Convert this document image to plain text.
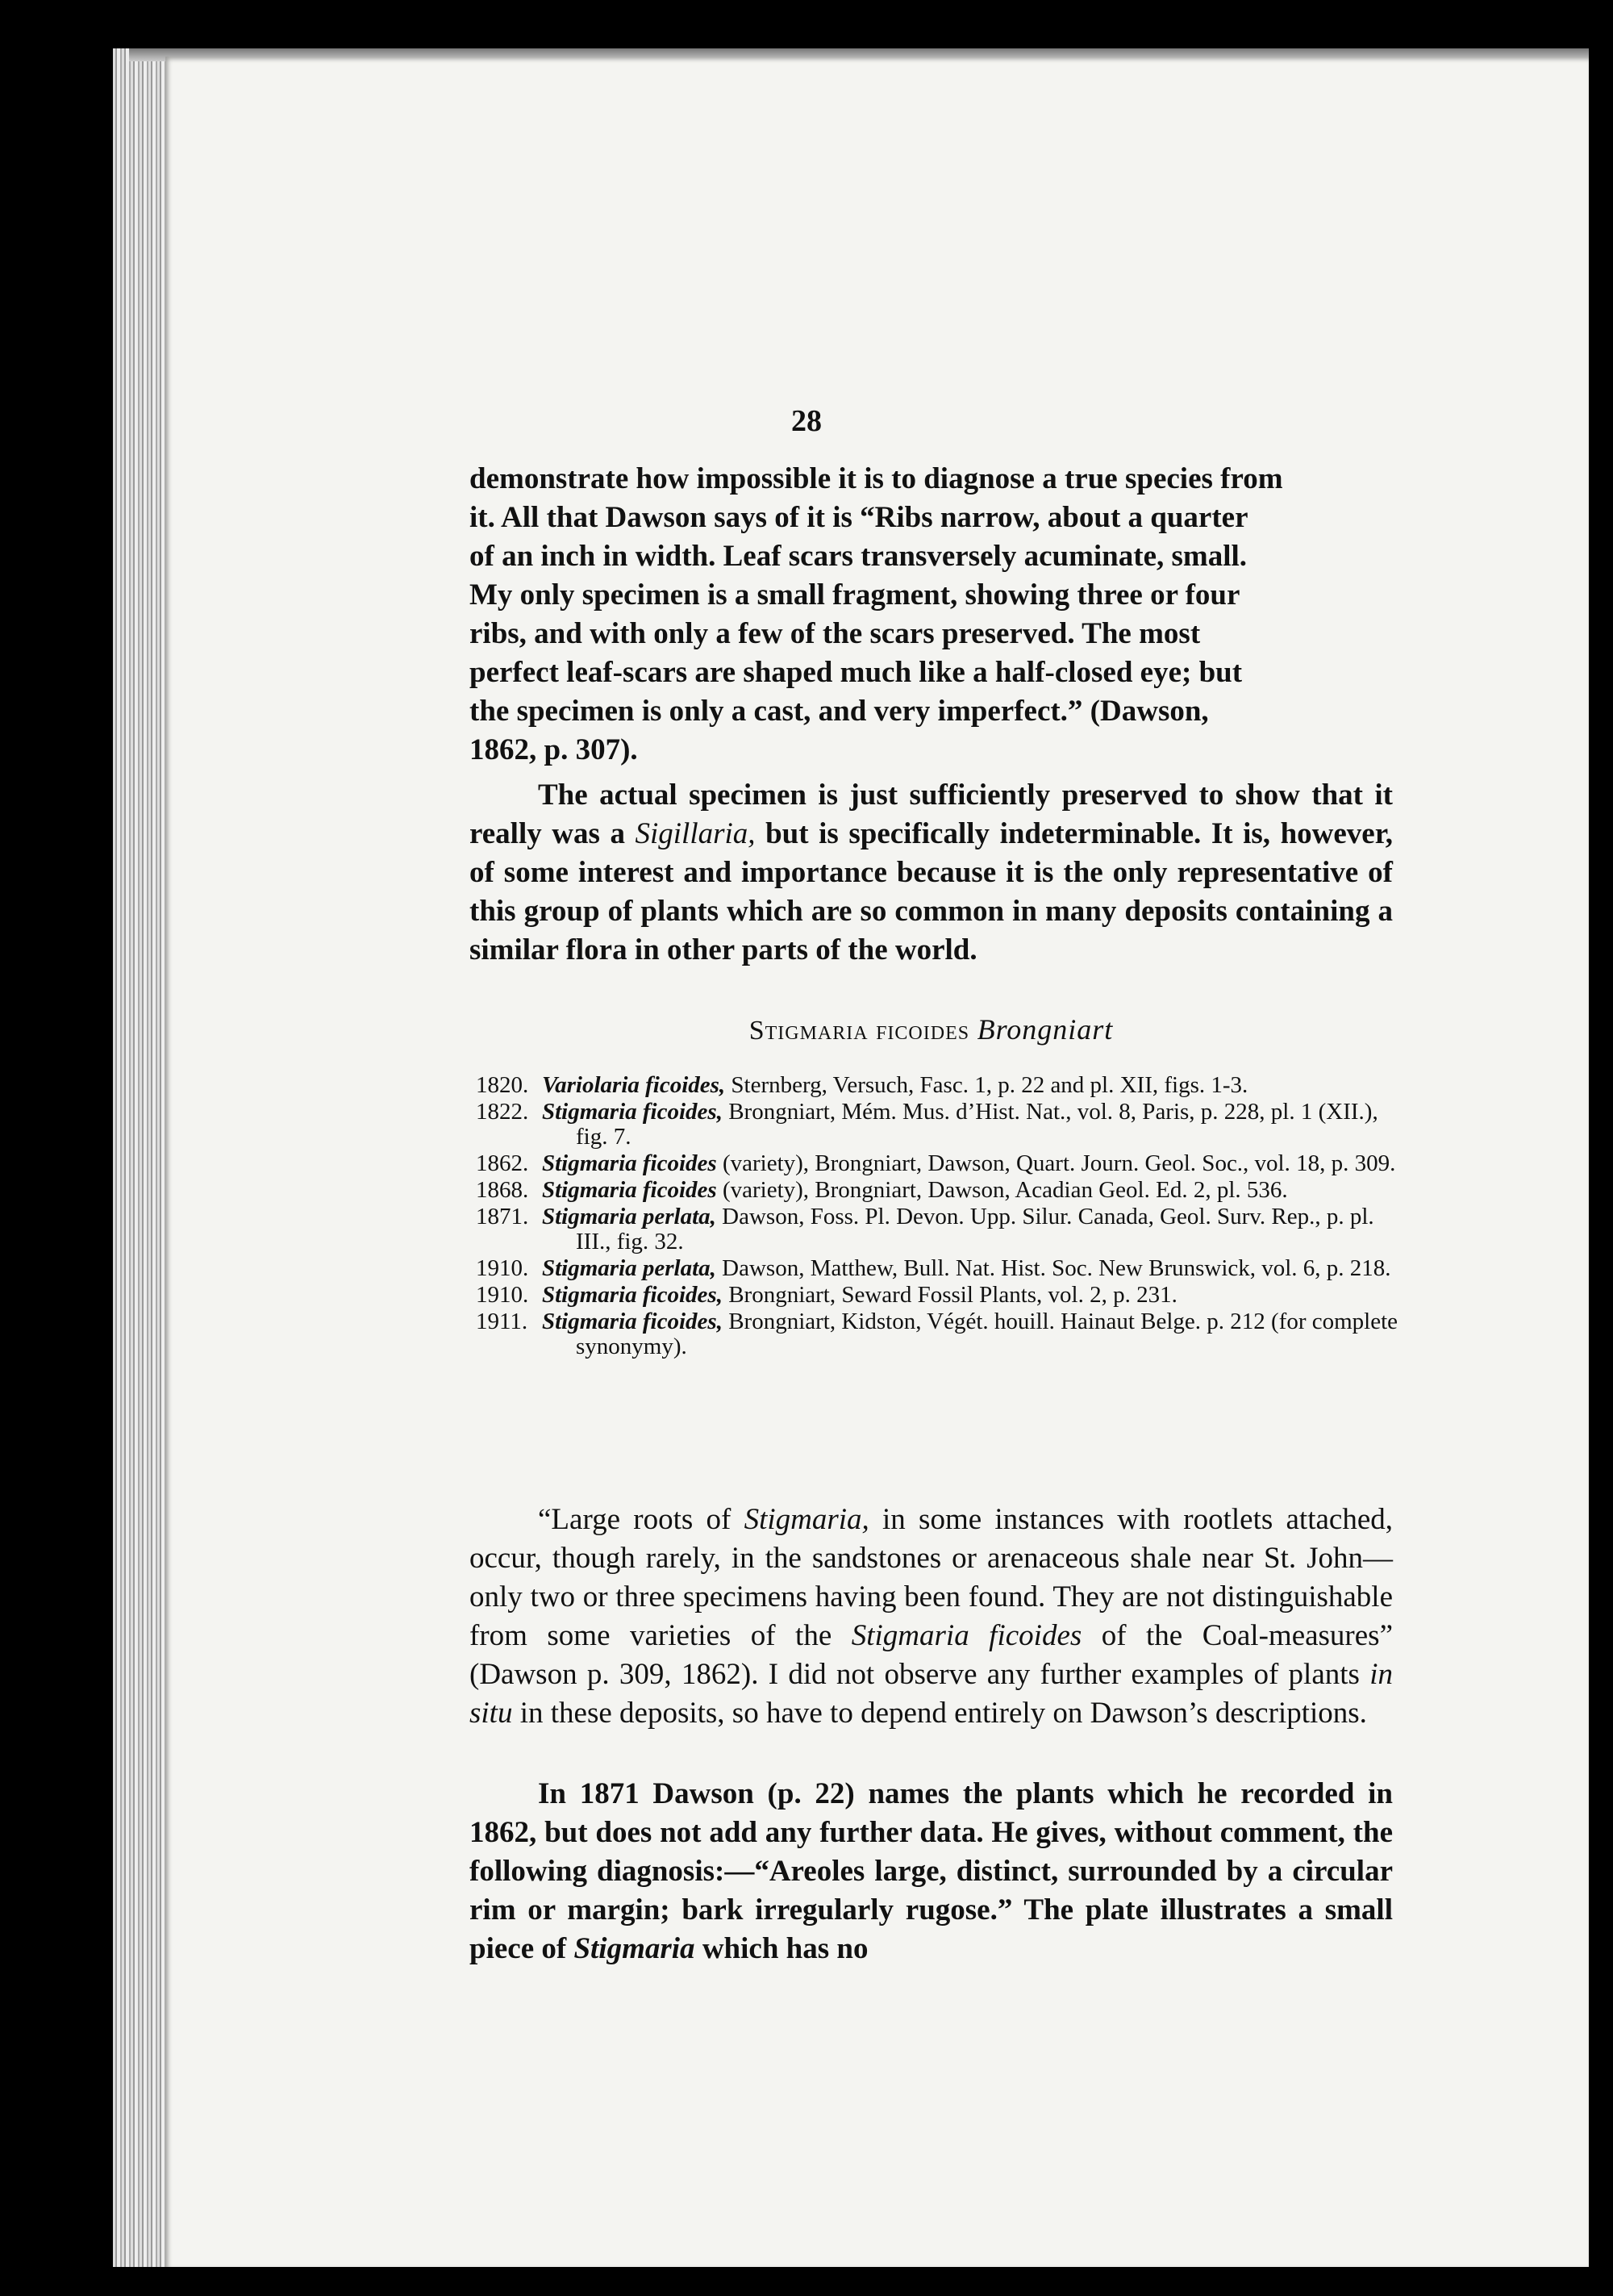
28

demonstrate how impossible it is to diagnose a true species from

it. All that Dawson says of it is “Ribs narrow, about a quarter

of an inch in width. Leaf scars transversely acuminate, small.

My only specimen is a small fragment, showing three or four

ribs, and with only a few of the scars preserved. The most

perfect leaf-scars are shaped much like a half-closed eye; but

the specimen is only a cast, and very imperfect.” (Dawson,

1862, p. 307).

The actual specimen is just sufficiently preserved to show that it really was a Sigillaria, but is specifically indeterminable. It is, however, of some interest and importance because it is the only representative of this group of plants which are so common in many deposits containing a similar flora in other parts of the world.

Stigmaria ficoides Brongniart
1820. Variolaria ficoides, Sternberg, Versuch, Fasc. 1, p. 22 and pl. XII, figs. 1-3.
1822. Stigmaria ficoides, Brongniart, Mém. Mus. d’Hist. Nat., vol. 8, Paris, p. 228, pl. 1 (XII.), fig. 7.
1862. Stigmaria ficoides (variety), Brongniart, Dawson, Quart. Journ. Geol. Soc., vol. 18, p. 309.
1868. Stigmaria ficoides (variety), Brongniart, Dawson, Acadian Geol. Ed. 2, pl. 536.
1871. Stigmaria perlata, Dawson, Foss. Pl. Devon. Upp. Silur. Canada, Geol. Surv. Rep., p. pl. III., fig. 32.
1910. Stigmaria perlata, Dawson, Matthew, Bull. Nat. Hist. Soc. New Brunswick, vol. 6, p. 218.
1910. Stigmaria ficoides, Brongniart, Seward Fossil Plants, vol. 2, p. 231.
1911. Stigmaria ficoides, Brongniart, Kidston, Végét. houill. Hainaut Belge. p. 212 (for complete synonymy).

“Large roots of Stigmaria, in some instances with rootlets attached, occur, though rarely, in the sandstones or arenaceous shale near St. John—only two or three specimens having been found. They are not distinguishable from some varieties of the Stigmaria ficoides of the Coal-measures” (Dawson p. 309, 1862). I did not observe any further examples of plants in situ in these deposits, so have to depend entirely on Dawson’s descriptions.

In 1871 Dawson (p. 22) names the plants which he recorded in 1862, but does not add any further data. He gives, without comment, the following diagnosis:—“Areoles large, distinct, surrounded by a circular rim or margin; bark irregularly rugose.” The plate illustrates a small piece of Stigmaria which has no
